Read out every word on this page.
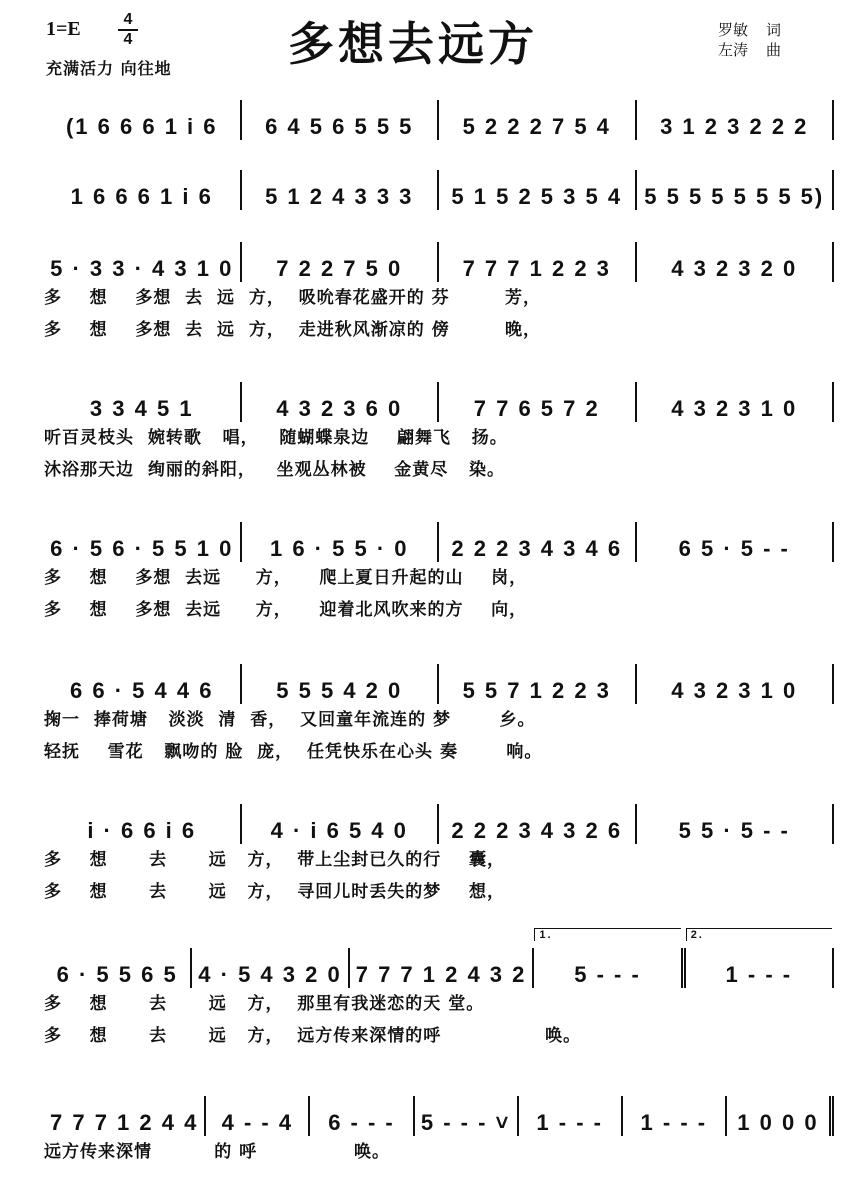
1=E	4
4
充满活力 向往地	多想去远方	罗敏 词
左涛 曲
(1 6 6 6 1 i 6	6 4 5 6 5 5 5	5 2 2 2 7 5 4	3 1 2 3 2 2 2
1 6 6 6 1 i 6	5 1 2 4 3 3 3	5 1 5 2 5 3 5 4	5 5 5 5 5 5 5 5)
5 · 3 3 · 4 3 1 0	7 2 2 7 5 0	7 7 7 1 2 2 3	4 3 2 3 2 0
多    想    多想  去  远  方，  吸吮春花盛开的 芬        芳，
多    想    多想  去  远  方，  走进秋风渐凉的 傍        晚，
3 3 4 5 1	4 3 2 3 6 0	7 7 6 5 7 2	4 3 2 3 1 0
听百灵枝头  婉转歌   唱，   随蝴蝶泉边    翩舞飞   扬。
沐浴那天边  绚丽的斜阳，   坐观丛林被    金黄尽   染。
6 · 5 6 · 5 5 1 0	1 6 · 5 5 · 0	2 2 2 3 4 3 4 6	6 5 · 5 - -
多    想    多想  去远     方，    爬上夏日升起的山    岗，
多    想    多想  去远     方，    迎着北风吹来的方    向，
6 6 · 5 4 4 6	5 5 5 4 2 0	5 5 7 1 2 2 3	4 3 2 3 1 0
掬一  捧荷塘   淡淡  清  香，  又回童年流连的 梦       乡。
轻抚    雪花   飘吻的 脸  庞，  任凭快乐在心头 奏       响。
i · 6 6 i 6	4 · i 6 5 4 0	2 2 2 3 4 3 2 6	5 5 · 5 - -
多    想      去      远   方，  带上尘封已久的行    囊，
多    想      去      远   方，  寻回儿时丢失的梦    想，
6 · 5 5 6 5 4 · 5 4 3 2 0 7 7 7 1 2 4 3 2	5 - - -
1.
1 - - -
2.
多    想      去      远   方，  那里有我迷恋的天 堂。
多    想      去      远   方，  远方传来深情的呼               唤。
7 7 7 1 2 4 4	4 - - 4	6 - - -	5 - - - ˅	1 - - -	1 - - -	1 0 0 0
远方传来深情         的 呼              唤。
